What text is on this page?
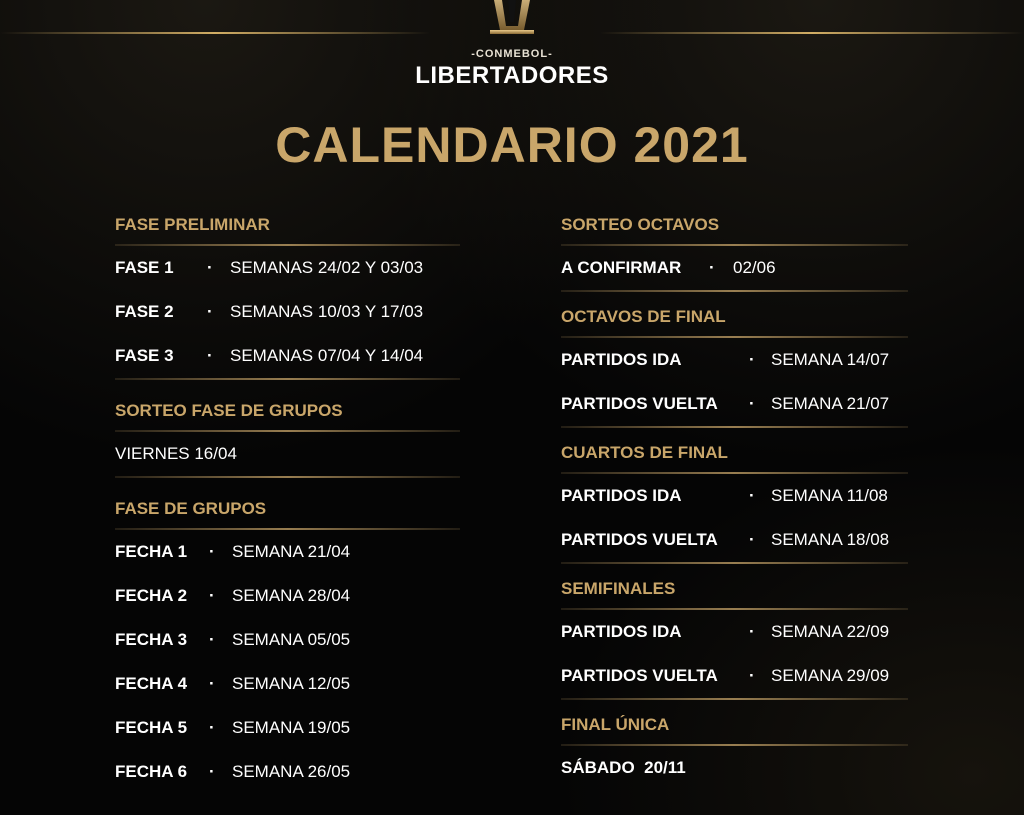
-CONMEBOL-
LIBERTADORES
CALENDARIO 2021
FASE PRELIMINAR
FASE 1 · SEMANAS 24/02 Y 03/03
FASE 2 · SEMANAS 10/03 Y 17/03
FASE 3 · SEMANAS 07/04 Y 14/04
SORTEO FASE DE GRUPOS
VIERNES 16/04
FASE DE GRUPOS
FECHA 1 · SEMANA 21/04
FECHA 2 · SEMANA 28/04
FECHA 3 · SEMANA 05/05
FECHA 4 · SEMANA 12/05
FECHA 5 · SEMANA 19/05
FECHA 6 · SEMANA 26/05
SORTEO OCTAVOS
A CONFIRMAR · 02/06
OCTAVOS DE FINAL
PARTIDOS IDA	· SEMANA 14/07
PARTIDOS VUELTA · SEMANA 21/07
CUARTOS DE FINAL
PARTIDOS IDA	· SEMANA 11/08
PARTIDOS VUELTA · SEMANA 18/08
SEMIFINALES
PARTIDOS IDA	· SEMANA 22/09
PARTIDOS VUELTA · SEMANA 29/09
FINAL ÚNICA
SÁBADO  20/11
